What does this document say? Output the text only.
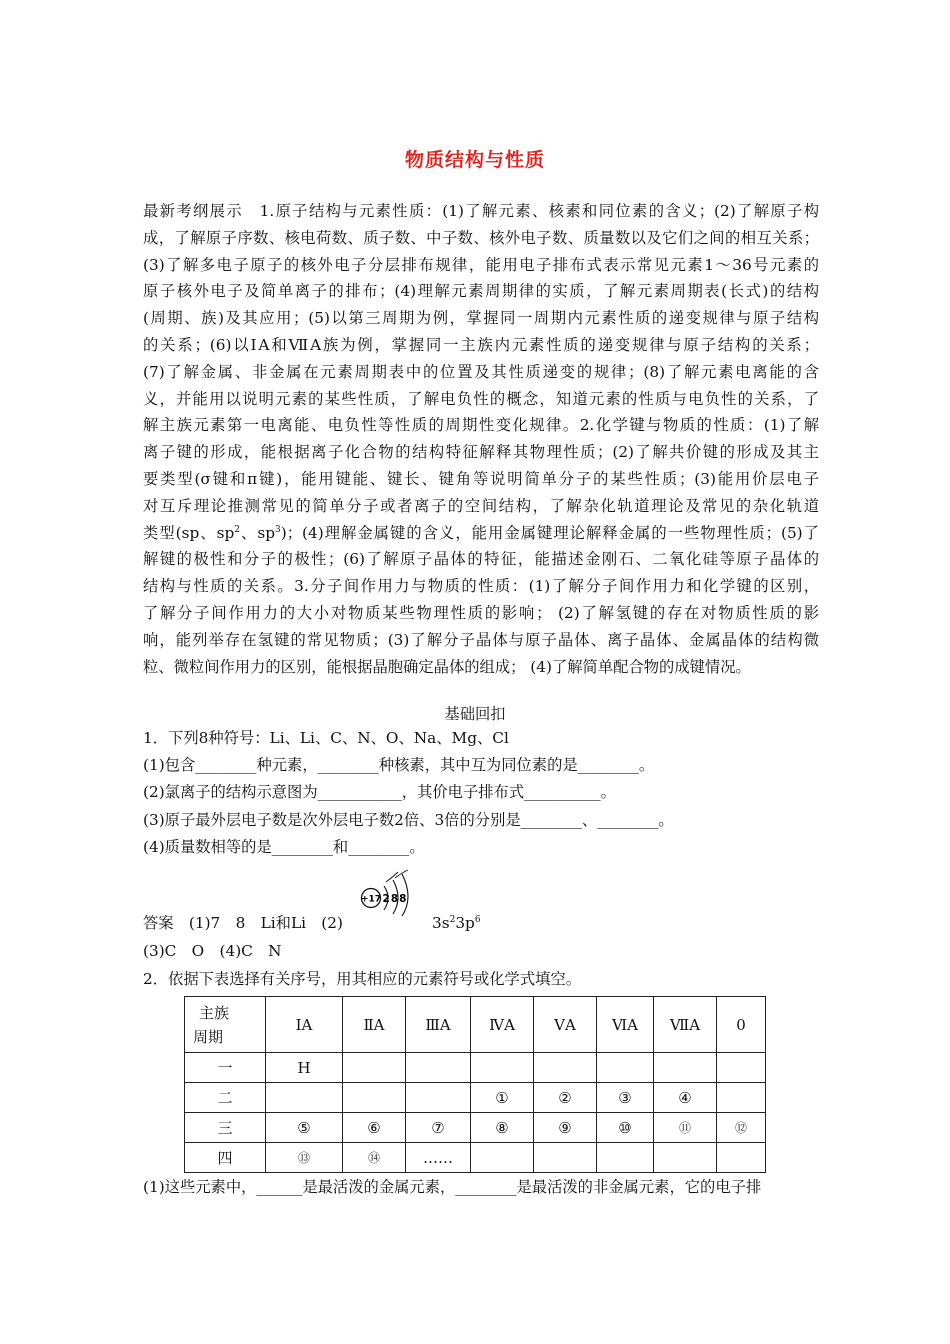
物质结构与性质
最新考纲展示　1.原子结构与元素性质：(1)了解元素、核素和同位素的含义；(2)了解原子构
成，了解原子序数、核电荷数、质子数、中子数、核外电子数、质量数以及它们之间的相互关系；
(3)了解多电子原子的核外电子分层排布规律，能用电子排布式表示常见元素1～36号元素的
原子核外电子及简单离子的排布；(4)理解元素周期律的实质，了解元素周期表(长式)的结构
(周期、族)及其应用；(5)以第三周期为例，掌握同一周期内元素性质的递变规律与原子结构
的关系；(6)以ⅠA和ⅦA族为例，掌握同一主族内元素性质的递变规律与原子结构的关系；
(7)了解金属、非金属在元素周期表中的位置及其性质递变的规律；(8)了解元素电离能的含
义，并能用以说明元素的某些性质，了解电负性的概念，知道元素的性质与电负性的关系，了
解主族元素第一电离能、电负性等性质的周期性变化规律。2.化学键与物质的性质：(1)了解
离子键的形成，能根据离子化合物的结构特征解释其物理性质；(2)了解共价键的形成及其主
要类型(σ键和π键)，能用键能、键长、键角等说明简单分子的某些性质；(3)能用价层电子
对互斥理论推测常见的简单分子或者离子的空间结构，了解杂化轨道理论及常见的杂化轨道
类型(sp、$sp^2$、$sp^3$)；(4)理解金属键的含义，能用金属键理论解释金属的一些物理性质；(5)了
解键的极性和分子的极性；(6)了解原子晶体的特征，能描述金刚石、二氧化硅等原子晶体的
结构与性质的关系。3.分子间作用力与物质的性质：(1)了解分子间作用力和化学键的区别，
了解分子间作用力的大小对物质某些物理性质的影响； (2)了解氢键的存在对物质性质的影
响，能列举存在氢键的常见物质；(3)了解分子晶体与原子晶体、离子晶体、金属晶体的结构微
粒、微粒间作用力的区别，能根据晶胞确定晶体的组成； (4)了解简单配合物的成键情况。
基础回扣
1．下列8种符号：Li、Li、C、N、O、Na、Mg、Cl
(1)包含________种元素，________种核素，其中互为同位素的是________。
(2)氯离子的结构示意图为___________，其价电子排布式__________。
(3)原子最外层电子数是次外层电子数2倍、3倍的分别是________、________。
(4)质量数相等的是________和________。
+17 288
答案　(1)7　8　Li和Li　(2)	$3s^23p^6$
(3)C　O　(4)C　N
2．依据下表选择有关序号，用其相应的元素符号或化学式填空。
主族
周期	ⅠA	ⅡA	ⅢA	ⅣA	ⅤA	ⅥA	ⅦA	0
一	H							
二				①	②	③	④	
三	⑤	⑥	⑦	⑧	⑨	⑩	⑪	⑫
四	⑬	⑭	……					
(1)这些元素中，______是最活泼的金属元素，________是最活泼的非金属元素，它的电子排
